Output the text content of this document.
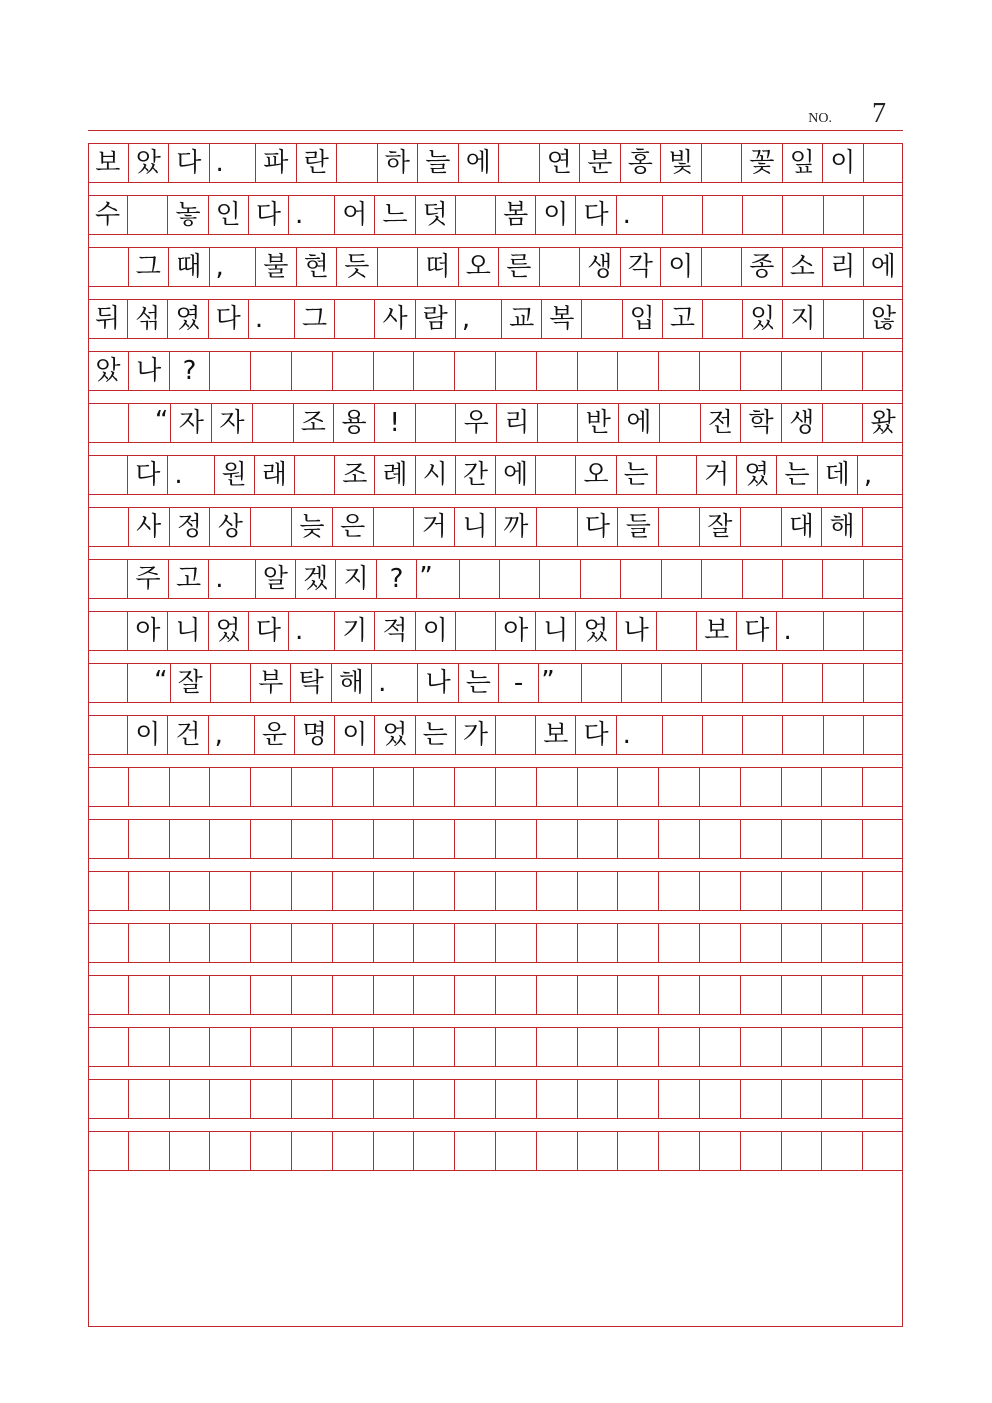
NO. 7
보 았 다 .	파 란	하 늘 에	연 분 홍 빛	꽃 잎 이
수	놓 인 다 .	어 느 덧	봄 이 다 .
그 때 ,	불 현 듯	떠 오 른	생 각 이	종 소 리 에
뒤 섞 였 다 .	그	사 람 ,	교 복	입 고	있 지	않
았 나 ?
“ 자 자	조 용 !	우 리	반 에	전 학 생	왔
다 .	원 래	조 례 시 간 에	오 는	거 였 는 데 ,
사 정 상	늦 은	거 니 까	다 들	잘	대 해
주 고 .	알 겠 지 ? ”
아 니 었 다 .	기 적 이	아 니 었 나	보 다 .
“ 잘	부 탁 해 .	나 는 - ”
이 건 ,	운 명 이 었 는 가	보 다 .
